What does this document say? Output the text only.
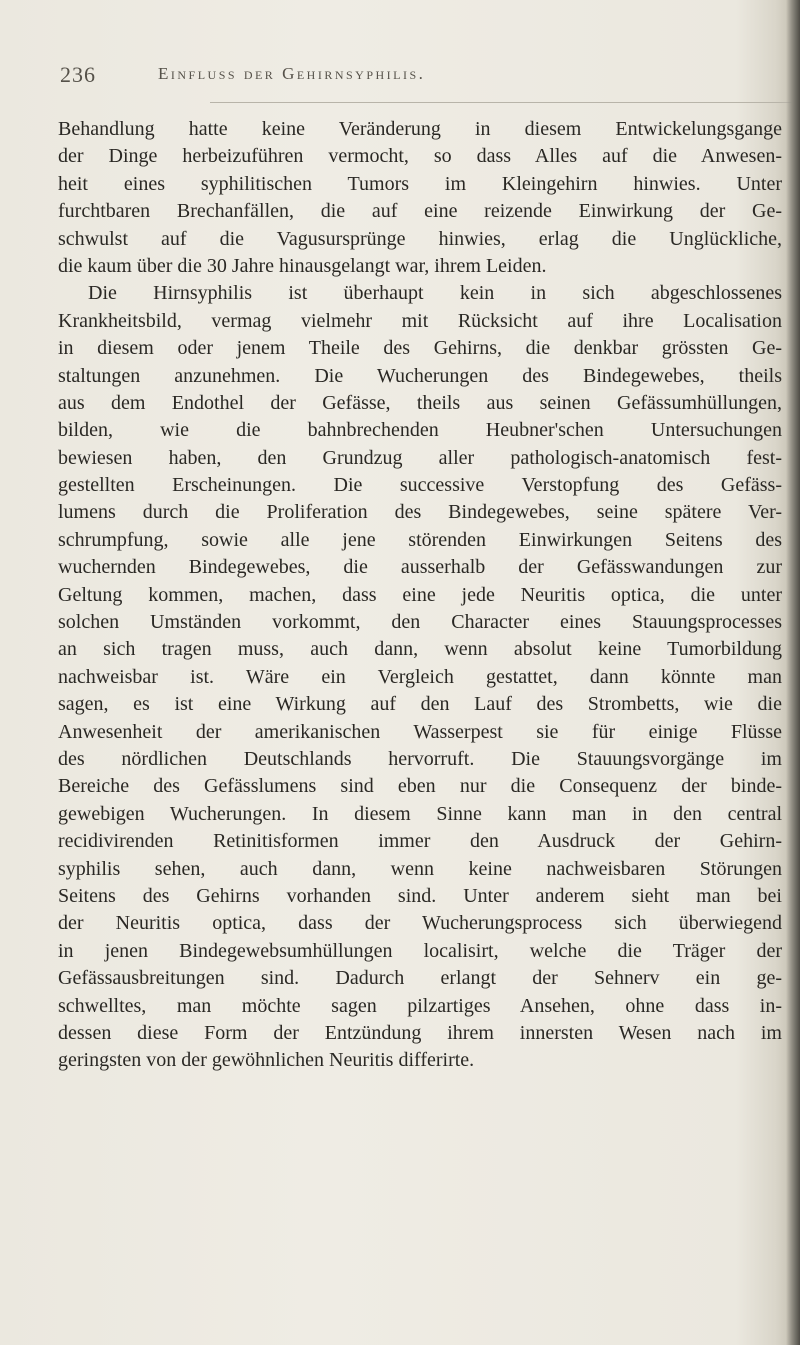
236	Einfluss der Gehirnsyphilis.
Behandlung hatte keine Veränderung in diesem Entwickelungsgange
der Dinge herbeizuführen vermocht, so dass Alles auf die Anwesen-
heit eines syphilitischen Tumors im Kleingehirn hinwies. Unter
furchtbaren Brechanfällen, die auf eine reizende Einwirkung der Ge-
schwulst auf die Vagusursprünge hinwies, erlag die Unglückliche,
die kaum über die 30 Jahre hinausgelangt war, ihrem Leiden.
Die Hirnsyphilis ist überhaupt kein in sich abgeschlossenes
Krankheitsbild, vermag vielmehr mit Rücksicht auf ihre Localisation
in diesem oder jenem Theile des Gehirns, die denkbar grössten Ge-
staltungen anzunehmen. Die Wucherungen des Bindegewebes, theils
aus dem Endothel der Gefässe, theils aus seinen Gefässumhüllungen,
bilden, wie die bahnbrechenden Heubner'schen Untersuchungen
bewiesen haben, den Grundzug aller pathologisch-anatomisch fest-
gestellten Erscheinungen. Die successive Verstopfung des Gefäss-
lumens durch die Proliferation des Bindegewebes, seine spätere Ver-
schrumpfung, sowie alle jene störenden Einwirkungen Seitens des
wuchernden Bindegewebes, die ausserhalb der Gefässwandungen zur
Geltung kommen, machen, dass eine jede Neuritis optica, die unter
solchen Umständen vorkommt, den Character eines Stauungsprocesses
an sich tragen muss, auch dann, wenn absolut keine Tumorbildung
nachweisbar ist. Wäre ein Vergleich gestattet, dann könnte man
sagen, es ist eine Wirkung auf den Lauf des Strombetts, wie die
Anwesenheit der amerikanischen Wasserpest sie für einige Flüsse
des nördlichen Deutschlands hervorruft. Die Stauungsvorgänge im
Bereiche des Gefässlumens sind eben nur die Consequenz der binde-
gewebigen Wucherungen. In diesem Sinne kann man in den central
recidivirenden Retinitisformen immer den Ausdruck der Gehirn-
syphilis sehen, auch dann, wenn keine nachweisbaren Störungen
Seitens des Gehirns vorhanden sind. Unter anderem sieht man bei
der Neuritis optica, dass der Wucherungsprocess sich überwiegend
in jenen Bindegewebsumhüllungen localisirt, welche die Träger der
Gefässausbreitungen sind. Dadurch erlangt der Sehnerv ein ge-
schwelltes, man möchte sagen pilzartiges Ansehen, ohne dass in-
dessen diese Form der Entzündung ihrem innersten Wesen nach im
geringsten von der gewöhnlichen Neuritis differirte.
